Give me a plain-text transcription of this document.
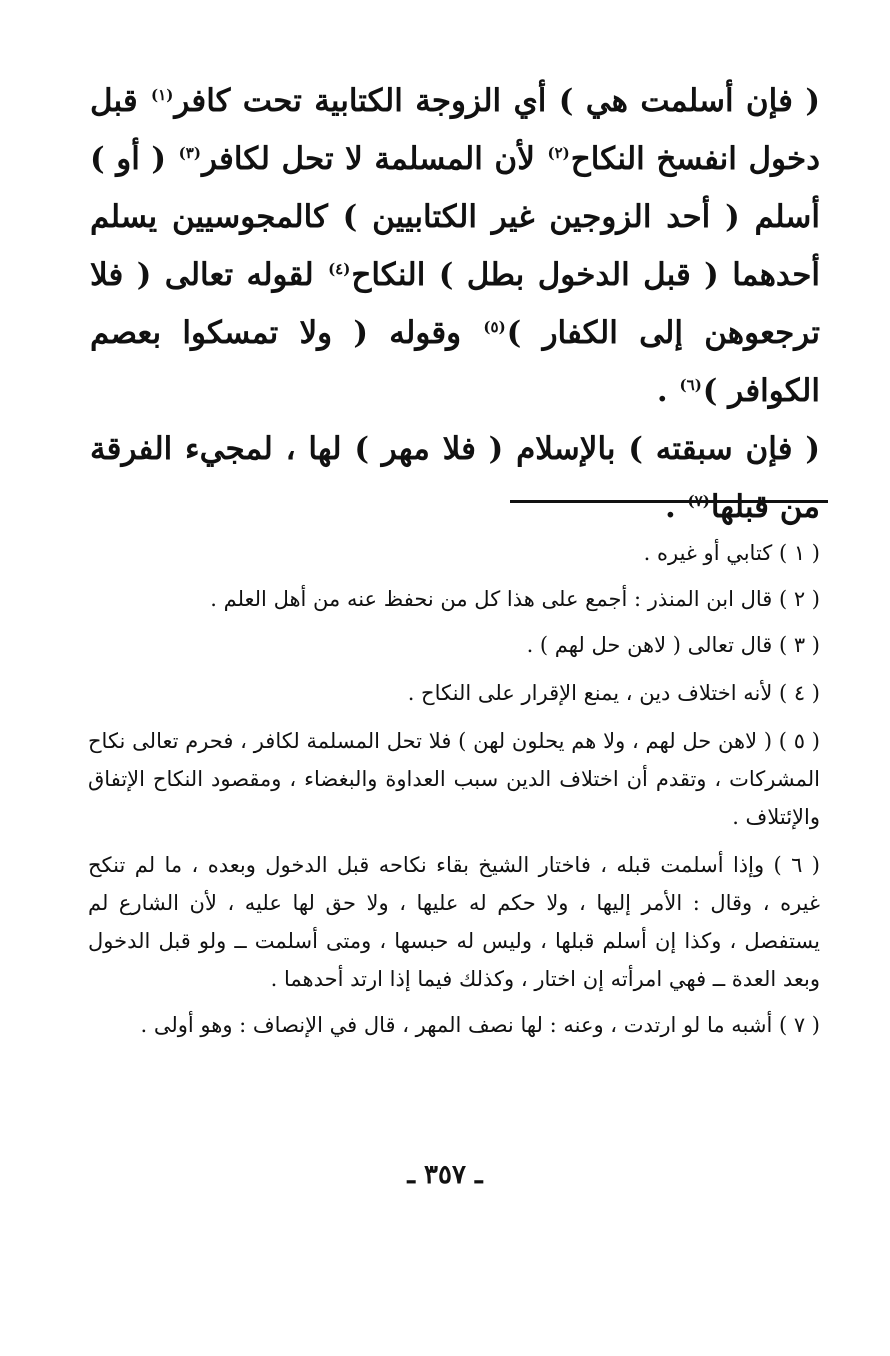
( فإن أسلمت هي ) أي الزوجة الكتابية تحت كافر$^{(١)}$ قبل دخول انفسخ النكاح$^{(٢)}$ لأن المسلمة لا تحل لكافر$^{(٣)}$ ( أو ) أسلم ( أحد الزوجين غير الكتابيين ) كالمجوسيين يسلم أحدهما ( قبل الدخول بطل ) النكاح$^{(٤)}$ لقوله تعالى ( فلا ترجعوهن إلى الكفار )$^{(٥)}$ وقوله ( ولا تمسكوا بعصم الكوافر )$^{(٦)}$ .

( فإن سبقته ) بالإسلام ( فلا مهر ) لها ، لمجيء الفرقة من قبلها$^{(٧)}$ .

( ١ ) كتابي أو غيره .

( ٢ ) قال ابن المنذر : أجمع على هذا كل من نحفظ عنه من أهل العلم .

( ٣ ) قال تعالى ( لاهن حل لهم ) .

( ٤ ) لأنه اختلاف دين ، يمنع الإقرار على النكاح .

( ٥ ) ( لاهن حل لهم ، ولا هم يحلون لهن ) فلا تحل المسلمة لكافر ، فحرم تعالى نكاح المشركات ، وتقدم أن اختلاف الدين سبب العداوة والبغضاء ، ومقصود النكاح الإتفاق والإئتلاف .

( ٦ ) وإذا أسلمت قبله ، فاختار الشيخ بقاء نكاحه قبل الدخول وبعده ، ما لم تنكح غيره ، وقال : الأمر إليها ، ولا حكم له عليها ، ولا حق لها عليه ، لأن الشارع لم يستفصل ، وكذا إن أسلم قبلها ، وليس له حبسها ، ومتى أسلمت ــ ولو قبل الدخول وبعد العدة ــ فهي امرأته إن اختار ، وكذلك فيما إذا ارتد أحدهما .

( ٧ ) أشبه ما لو ارتدت ، وعنه : لها نصف المهر ، قال في الإنصاف : وهو أولى .

ـ ٣٥٧ ـ
